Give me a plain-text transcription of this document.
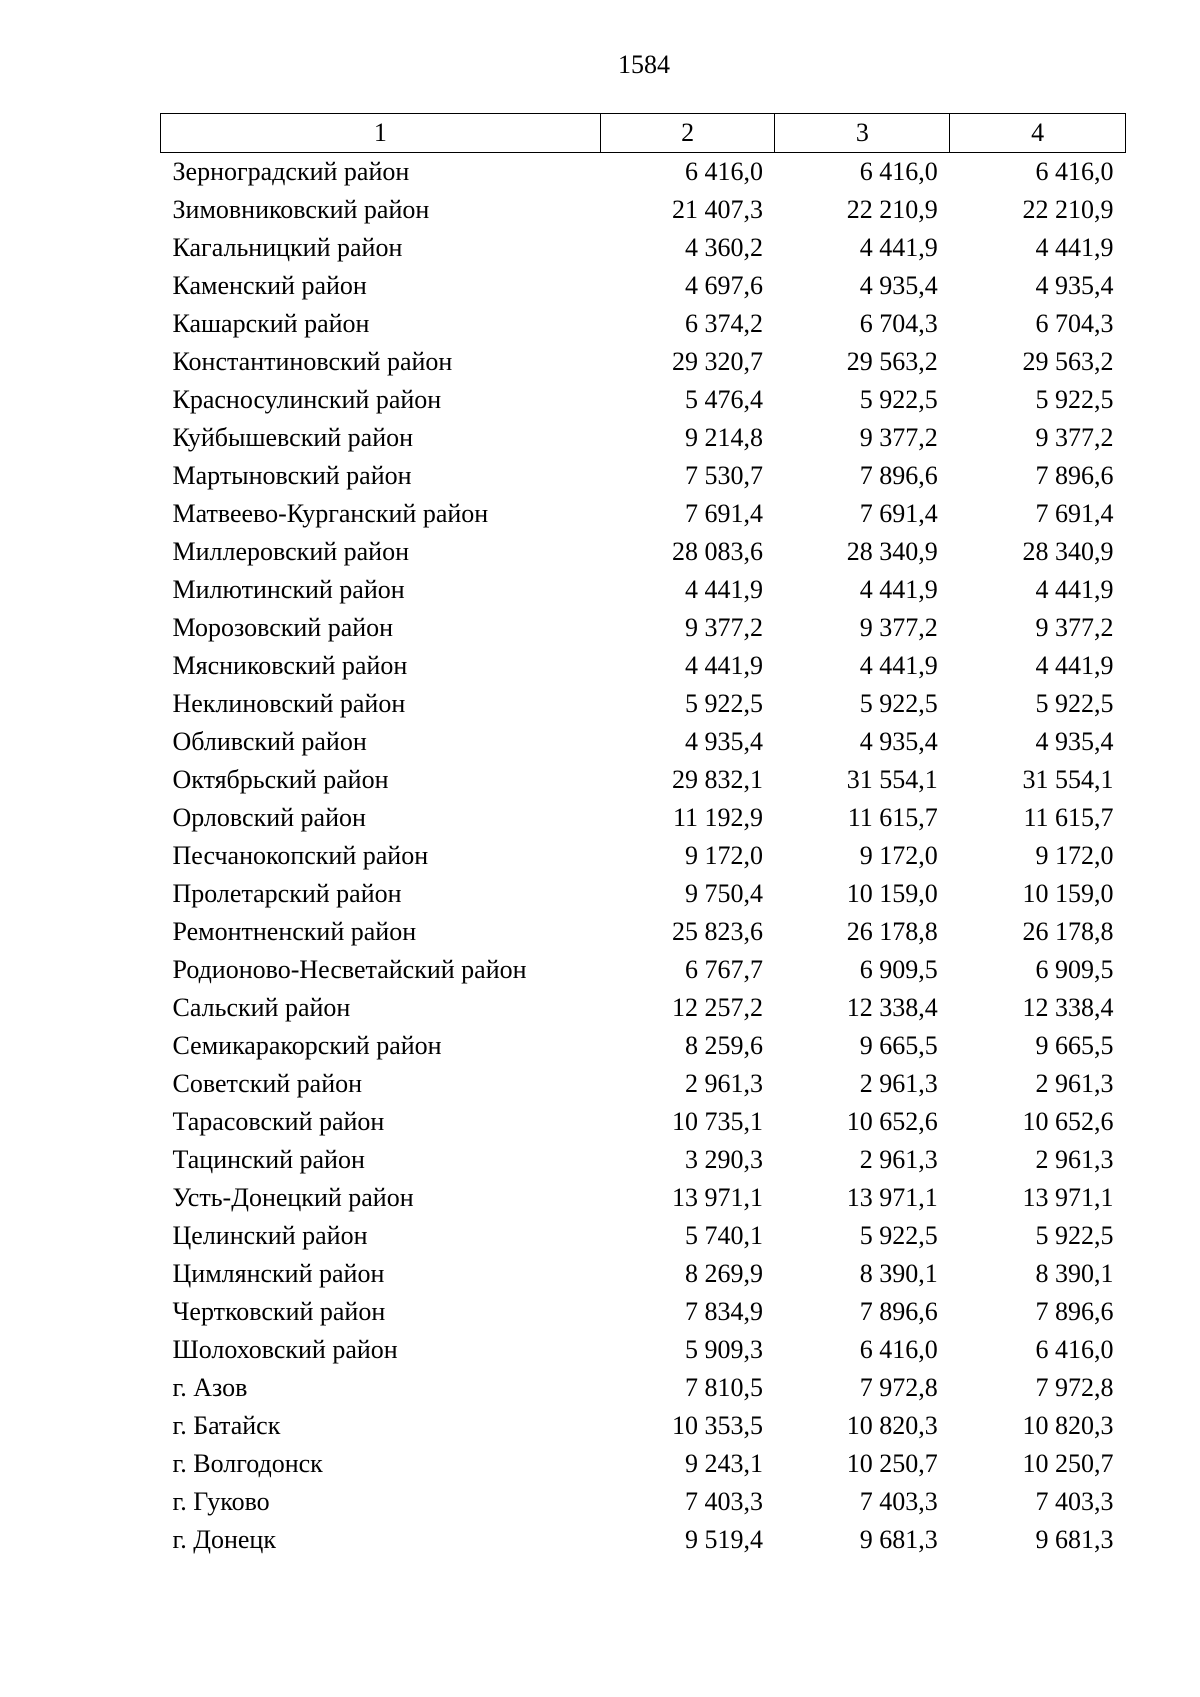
1584
1	2	3	4
Зерноградский район	6 416,0	6 416,0	6 416,0
Зимовниковский район	21 407,3	22 210,9	22 210,9
Кагальницкий район	4 360,2	4 441,9	4 441,9
Каменский район	4 697,6	4 935,4	4 935,4
Кашарский район	6 374,2	6 704,3	6 704,3
Константиновский район	29 320,7	29 563,2	29 563,2
Красносулинский район	5 476,4	5 922,5	5 922,5
Куйбышевский район	9 214,8	9 377,2	9 377,2
Мартыновский район	7 530,7	7 896,6	7 896,6
Матвеево-Курганский район	7 691,4	7 691,4	7 691,4
Миллеровский район	28 083,6	28 340,9	28 340,9
Милютинский район	4 441,9	4 441,9	4 441,9
Морозовский район	9 377,2	9 377,2	9 377,2
Мясниковский район	4 441,9	4 441,9	4 441,9
Неклиновский район	5 922,5	5 922,5	5 922,5
Обливский район	4 935,4	4 935,4	4 935,4
Октябрьский район	29 832,1	31 554,1	31 554,1
Орловский район	11 192,9	11 615,7	11 615,7
Песчанокопский район	9 172,0	9 172,0	9 172,0
Пролетарский район	9 750,4	10 159,0	10 159,0
Ремонтненский район	25 823,6	26 178,8	26 178,8
Родионово-Несветайский район	6 767,7	6 909,5	6 909,5
Сальский район	12 257,2	12 338,4	12 338,4
Семикаракорский район	8 259,6	9 665,5	9 665,5
Советский район	2 961,3	2 961,3	2 961,3
Тарасовский район	10 735,1	10 652,6	10 652,6
Тацинский район	3 290,3	2 961,3	2 961,3
Усть-Донецкий район	13 971,1	13 971,1	13 971,1
Целинский район	5 740,1	5 922,5	5 922,5
Цимлянский район	8 269,9	8 390,1	8 390,1
Чертковский район	7 834,9	7 896,6	7 896,6
Шолоховский район	5 909,3	6 416,0	6 416,0
г. Азов	7 810,5	7 972,8	7 972,8
г. Батайск	10 353,5	10 820,3	10 820,3
г. Волгодонск	9 243,1	10 250,7	10 250,7
г. Гуково	7 403,3	7 403,3	7 403,3
г. Донецк	9 519,4	9 681,3	9 681,3
